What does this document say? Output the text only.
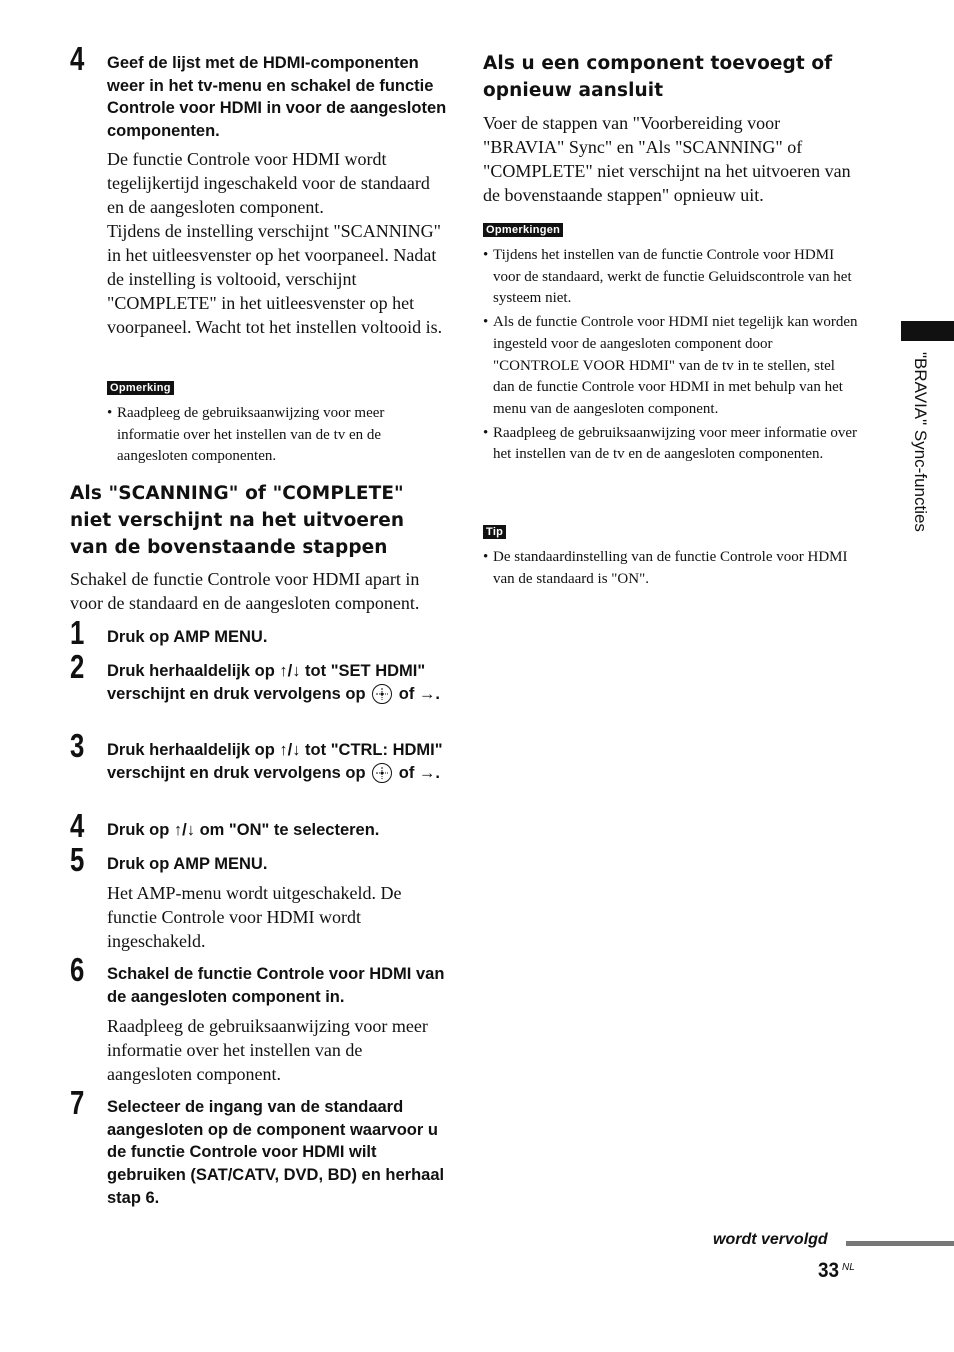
4 Geef de lijst met de HDMI-componenten weer in het tv-menu en schakel de functie Controle voor HDMI in voor de aangesloten componenten.

De functie Controle voor HDMI wordt tegelijkertijd ingeschakeld voor de standaard en de aangesloten component.

Tijdens de instelling verschijnt "SCANNING" in het uitleesvenster op het voorpaneel. Nadat de instelling is voltooid, verschijnt "COMPLETE" in het uitleesvenster op het voorpaneel. Wacht tot het instellen voltooid is.

Opmerking
• Raadpleeg de gebruiksaanwijzing voor meer informatie over het instellen van de tv en de aangesloten componenten.
Als "SCANNING" of "COMPLETE" niet verschijnt na het uitvoeren van de bovenstaande stappen

Schakel de functie Controle voor HDMI apart in voor de standaard en de aangesloten component.

1 Druk op AMP MENU.

2 Druk herhaaldelijk op ↑/↓ tot "SET HDMI" verschijnt en druk vervolgens op of →.

3 Druk herhaaldelijk op ↑/↓ tot "CTRL: HDMI" verschijnt en druk vervolgens op of →.

4 Druk op ↑/↓ om "ON" te selecteren.

5 Druk op AMP MENU.

Het AMP-menu wordt uitgeschakeld. De functie Controle voor HDMI wordt ingeschakeld.

6 Schakel de functie Controle voor HDMI van de aangesloten component in.

Raadpleeg de gebruiksaanwijzing voor meer informatie over het instellen van de aangesloten component.

7 Selecteer de ingang van de standaard aangesloten op de component waarvoor u de functie Controle voor HDMI wilt gebruiken (SAT/CATV, DVD, BD) en herhaal stap 6.

Als u een component toevoegt of opnieuw aansluit

Voer de stappen van "Voorbereiding voor "BRAVIA" Sync" en "Als "SCANNING" of "COMPLETE" niet verschijnt na het uitvoeren van de bovenstaande stappen" opnieuw uit.

Opmerkingen
• Tijdens het instellen van de functie Controle voor HDMI voor de standaard, werkt de functie Geluidscontrole van het systeem niet.
• Als de functie Controle voor HDMI niet tegelijk kan worden ingesteld voor de aangesloten component door "CONTROLE VOOR HDMI" van de tv in te stellen, stel dan de functie Controle voor HDMI in met behulp van het menu van de aangesloten component.
• Raadpleeg de gebruiksaanwijzing voor meer informatie over het instellen van de tv en de aangesloten componenten.
Tip
• De standaardinstelling van de functie Controle voor HDMI van de standaard is "ON".
"BRAVIA" Sync-functies
wordt vervolgd
33 NL
